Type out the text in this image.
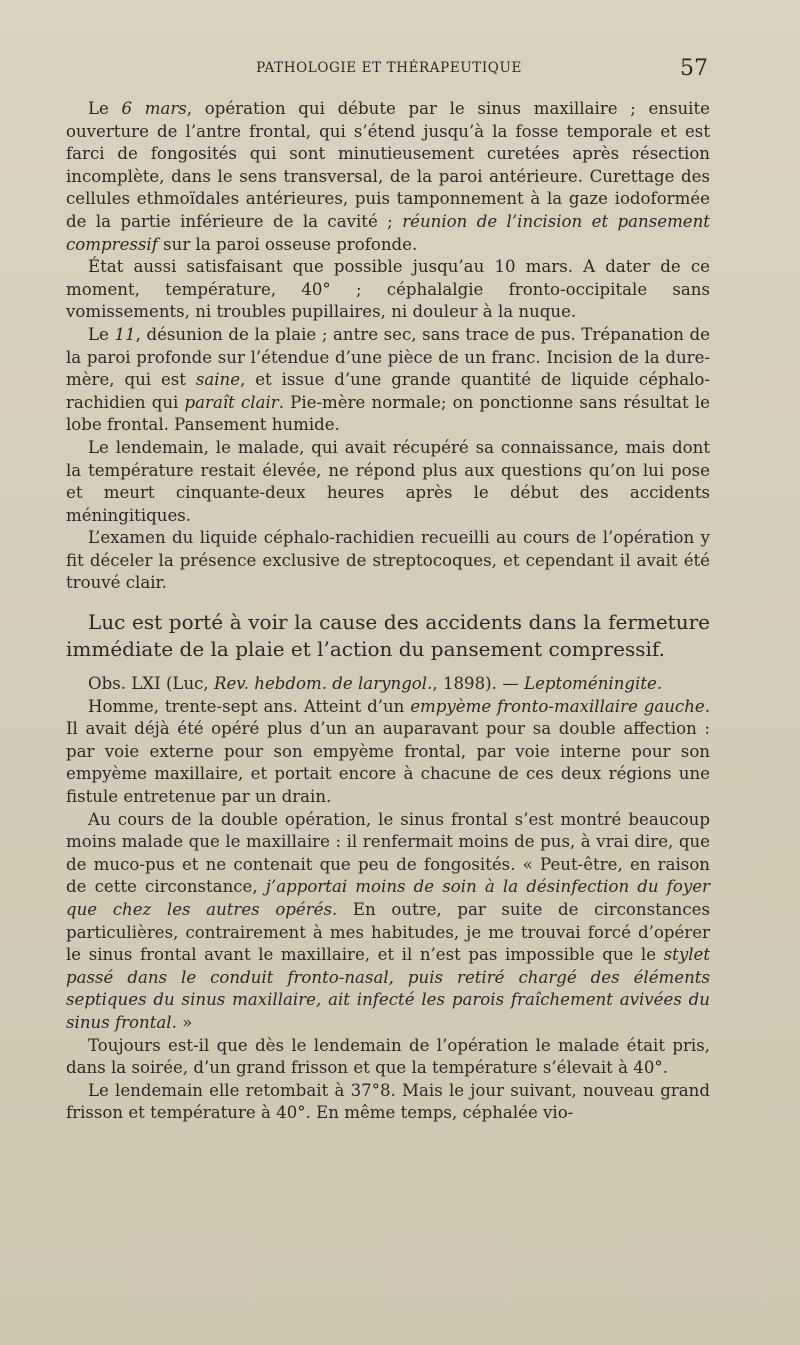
PATHOLOGIE ET THÉRAPEUTIQUE	57

Le 6 mars, opération qui débute par le sinus maxillaire ; ensuite ouverture de l’antre frontal, qui s’étend jusqu’à la fosse temporale et est farci de fongosités qui sont minutieusement curetées après résection incomplète, dans le sens transversal, de la paroi antérieure. Curettage des cellules ethmoïdales antérieures, puis tamponnement à la gaze iodoformée de la partie inférieure de la cavité ; réunion de l’incision et pansement compressif sur la paroi osseuse profonde.

État aussi satisfaisant que possible jusqu’au 10 mars. A dater de ce moment, température, 40° ; céphalalgie fronto-occipitale sans vomissements, ni troubles pupillaires, ni douleur à la nuque.

Le 11, désunion de la plaie ; antre sec, sans trace de pus. Trépanation de la paroi profonde sur l’étendue d’une pièce de un franc. Incision de la dure-mère, qui est saine, et issue d’une grande quantité de liquide céphalo-rachidien qui paraît clair. Pie-mère normale; on ponctionne sans résultat le lobe frontal. Pansement humide.

Le lendemain, le malade, qui avait récupéré sa connaissance, mais dont la température restait élevée, ne répond plus aux questions qu’on lui pose et meurt cinquante-deux heures après le début des accidents méningitiques.

L’examen du liquide céphalo-rachidien recueilli au cours de l’opération y fit déceler la présence exclusive de streptocoques, et cependant il avait été trouvé clair.

Luc est porté à voir la cause des accidents dans la fermeture immédiate de la plaie et l’action du pansement compressif.

Obs. LXI (Luc, Rev. hebdom. de laryngol., 1898). — Leptoméningite.

Homme, trente-sept ans. Atteint d’un empyème fronto-maxillaire gauche. Il avait déjà été opéré plus d’un an auparavant pour sa double affection : par voie externe pour son empyème frontal, par voie interne pour son empyème maxillaire, et portait encore à chacune de ces deux régions une fistule entretenue par un drain.

Au cours de la double opération, le sinus frontal s’est montré beaucoup moins malade que le maxillaire : il renfermait moins de pus, à vrai dire, que de muco-pus et ne contenait que peu de fongosités. « Peut-être, en raison de cette circonstance, j’apportai moins de soin à la désinfection du foyer que chez les autres opérés. En outre, par suite de circonstances particulières, contrairement à mes habitudes, je me trouvai forcé d’opérer le sinus frontal avant le maxillaire, et il n’est pas impossible que le stylet passé dans le conduit fronto-nasal, puis retiré chargé des éléments septiques du sinus maxillaire, ait infecté les parois fraîchement avivées du sinus frontal. »

Toujours est-il que dès le lendemain de l’opération le malade était pris, dans la soirée, d’un grand frisson et que la température s’élevait à 40°.

Le lendemain elle retombait à 37°8. Mais le jour suivant, nouveau grand frisson et température à 40°. En même temps, céphalée vio-
